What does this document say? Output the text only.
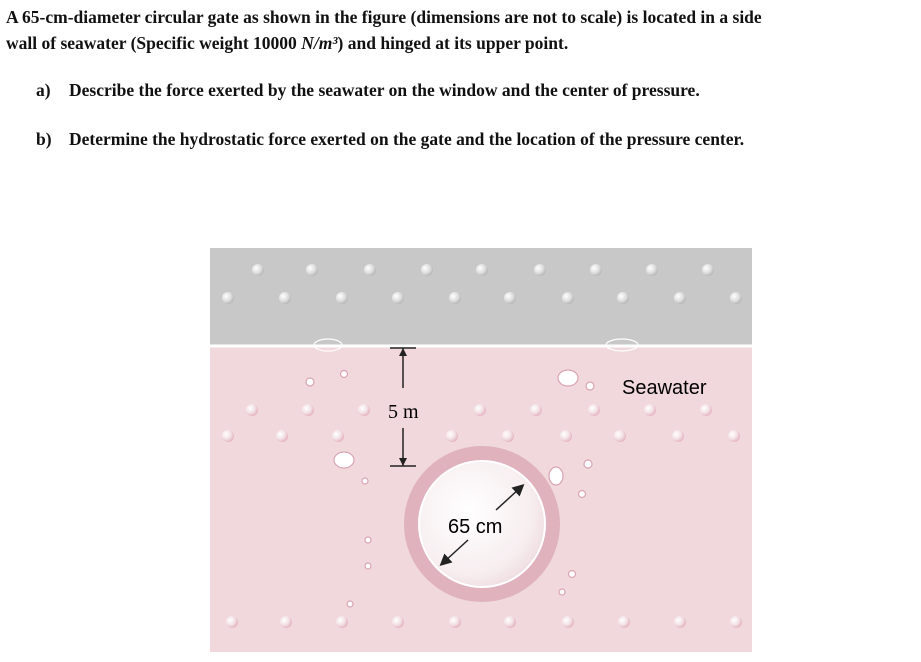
A 65-cm-diameter circular gate as shown in the figure (dimensions are not to scale) is located in a side
wall of seawater (Specific weight 10000 N/m³) and hinged at its upper point.
a) Describe the force exerted by the seawater on the window and the center of pressure.
b) Determine the hydrostatic force exerted on the gate and the location of the pressure center.
5 m
65 cm
Seawater
